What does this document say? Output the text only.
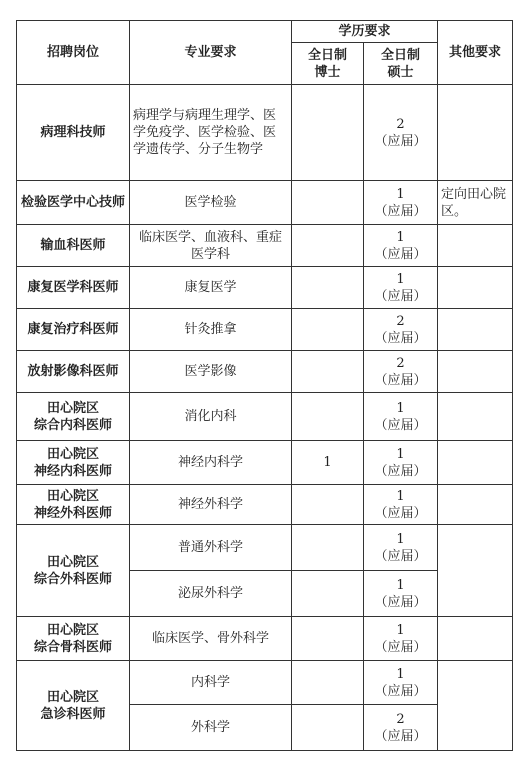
招聘岗位	专业要求	学历要求		其他要求

		全日制
博士	全日制
硕士	

病理科技师	病理学与病理生理学、医学免疫学、医学检验、医学遗传学、分子生物学		2
（应届）	

检验医学中心技师	医学检验		1
（应届）	定向田心院区。

输血科医师	临床医学、血液科、重症医学科		1
（应届）	

康复医学科医师	康复医学		1
（应届）	

康复治疗科医师	针灸推拿		2
（应届）	

放射影像科医师	医学影像		2
（应届）	

田心院区
综合内科医师	消化内科		1
（应届）	

田心院区
神经内科医师	神经内科学	1	1
（应届）	

田心院区
神经外科医师	神经外科学		1
（应届）	

田心院区
综合外科医师	普通外科学		1
（应届）	

	泌尿外科学		1
（应届）	

田心院区
综合骨科医师	临床医学、骨外科学		1
（应届）	

田心院区
急诊科医师	内科学		1
（应届）	

	外科学		2
（应届）	
